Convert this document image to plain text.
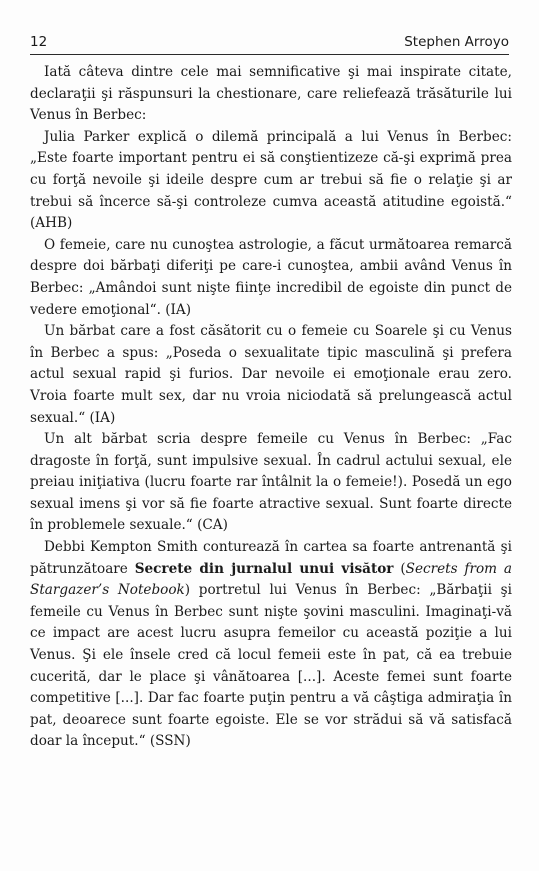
12	Stephen Arroyo

Iată câteva dintre cele mai semnificative şi mai inspirate citate, declaraţii şi răspunsuri la chestionare, care reliefează trăsăturile lui Venus în Berbec:

Julia Parker explică o dilemă principală a lui Venus în Berbec: „Este foarte important pentru ei să conştientizeze că-şi exprimă prea cu forţă nevoile şi ideile despre cum ar trebui să fie o relaţie şi ar trebui să încerce să-şi controleze cumva această atitudine egoistă.“ (AHB)

O femeie, care nu cunoştea astrologie, a făcut următoarea remarcă despre doi bărbaţi diferiţi pe care-i cunoştea, ambii având Venus în Berbec: „Amândoi sunt nişte fiinţe incredibil de egoiste din punct de vedere emoţional“. (IA)

Un bărbat care a fost căsătorit cu o femeie cu Soarele şi cu Venus în Berbec a spus: „Poseda o sexualitate tipic masculină şi prefera actul sexual rapid şi furios. Dar nevoile ei emoţionale erau zero. Vroia foarte mult sex, dar nu vroia niciodată să prelungească actul sexual.“ (IA)

Un alt bărbat scria despre femeile cu Venus în Berbec: „Fac dragoste în forţă, sunt impulsive sexual. În cadrul actului sexual, ele preiau iniţiativa (lucru foarte rar întâlnit la o femeie!). Posedă un ego sexual imens şi vor să fie foarte atractive sexual. Sunt foarte directe în problemele sexuale.“ (CA)

Debbi Kempton Smith conturează în cartea sa foarte antrenantă şi pătrunzătoare Secrete din jurnalul unui visător (Secrets from a Stargazer’s Notebook) portretul lui Venus în Berbec: „Bărbaţii şi femeile cu Venus în Berbec sunt nişte şovini masculini. Imaginaţi-vă ce impact are acest lucru asupra femeilor cu această poziţie a lui Venus. Şi ele însele cred că locul femeii este în pat, că ea trebuie cucerită, dar le place şi vânătoarea [...]. Aceste femei sunt foarte competitive [...]. Dar fac foarte puţin pentru a vă câştiga admiraţia în pat, deoarece sunt foarte egoiste. Ele se vor strădui să vă satisfacă doar la început.“ (SSN)
